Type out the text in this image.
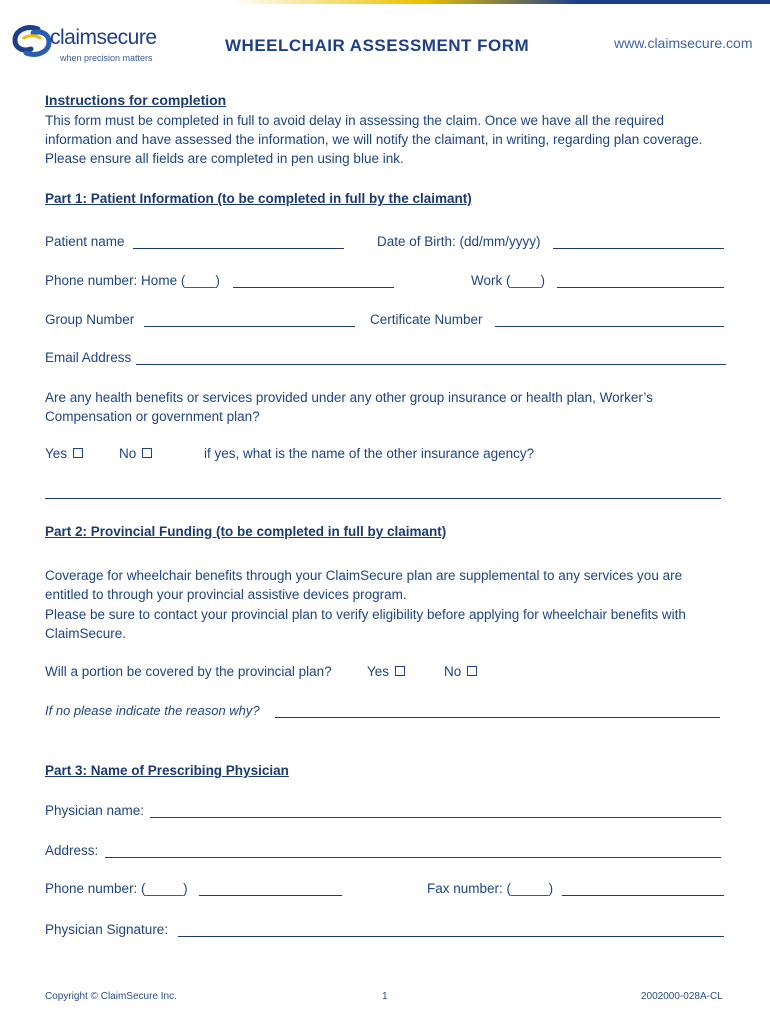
claimsecure
when precision matters
WHEELCHAIR ASSESSMENT FORM	www.claimsecure.com
Instructions for completion
This form must be completed in full to avoid delay in assessing the claim. Once we have all the required information and have assessed the information, we will notify the claimant, in writing, regarding plan coverage. Please ensure all fields are completed in pen using blue ink.
Part 1: Patient Information (to be completed in full by the claimant)
Patient name	Date of Birth: (dd/mm/yyyy)
Phone number: Home (____)	Work (____)
Group Number	Certificate Number
Email Address
Are any health benefits or services provided under any other group insurance or health plan, Worker’s Compensation or government plan?
Yes	No	if yes, what is the name of the other insurance agency?
Part 2: Provincial Funding (to be completed in full by claimant)
Coverage for wheelchair benefits through your ClaimSecure plan are supplemental to any services you are entitled to through your provincial assistive devices program.
Please be sure to contact your provincial plan to verify eligibility before applying for wheelchair benefits with ClaimSecure.
Will a portion be covered by the provincial plan?	Yes	No
If no please indicate the reason why?
Part 3: Name of Prescribing Physician
Physician name:
Address:
Phone number: (_____)	Fax number: (_____)
Physician Signature:
Copyright © ClaimSecure Inc.	1	2002000-028A-CL
